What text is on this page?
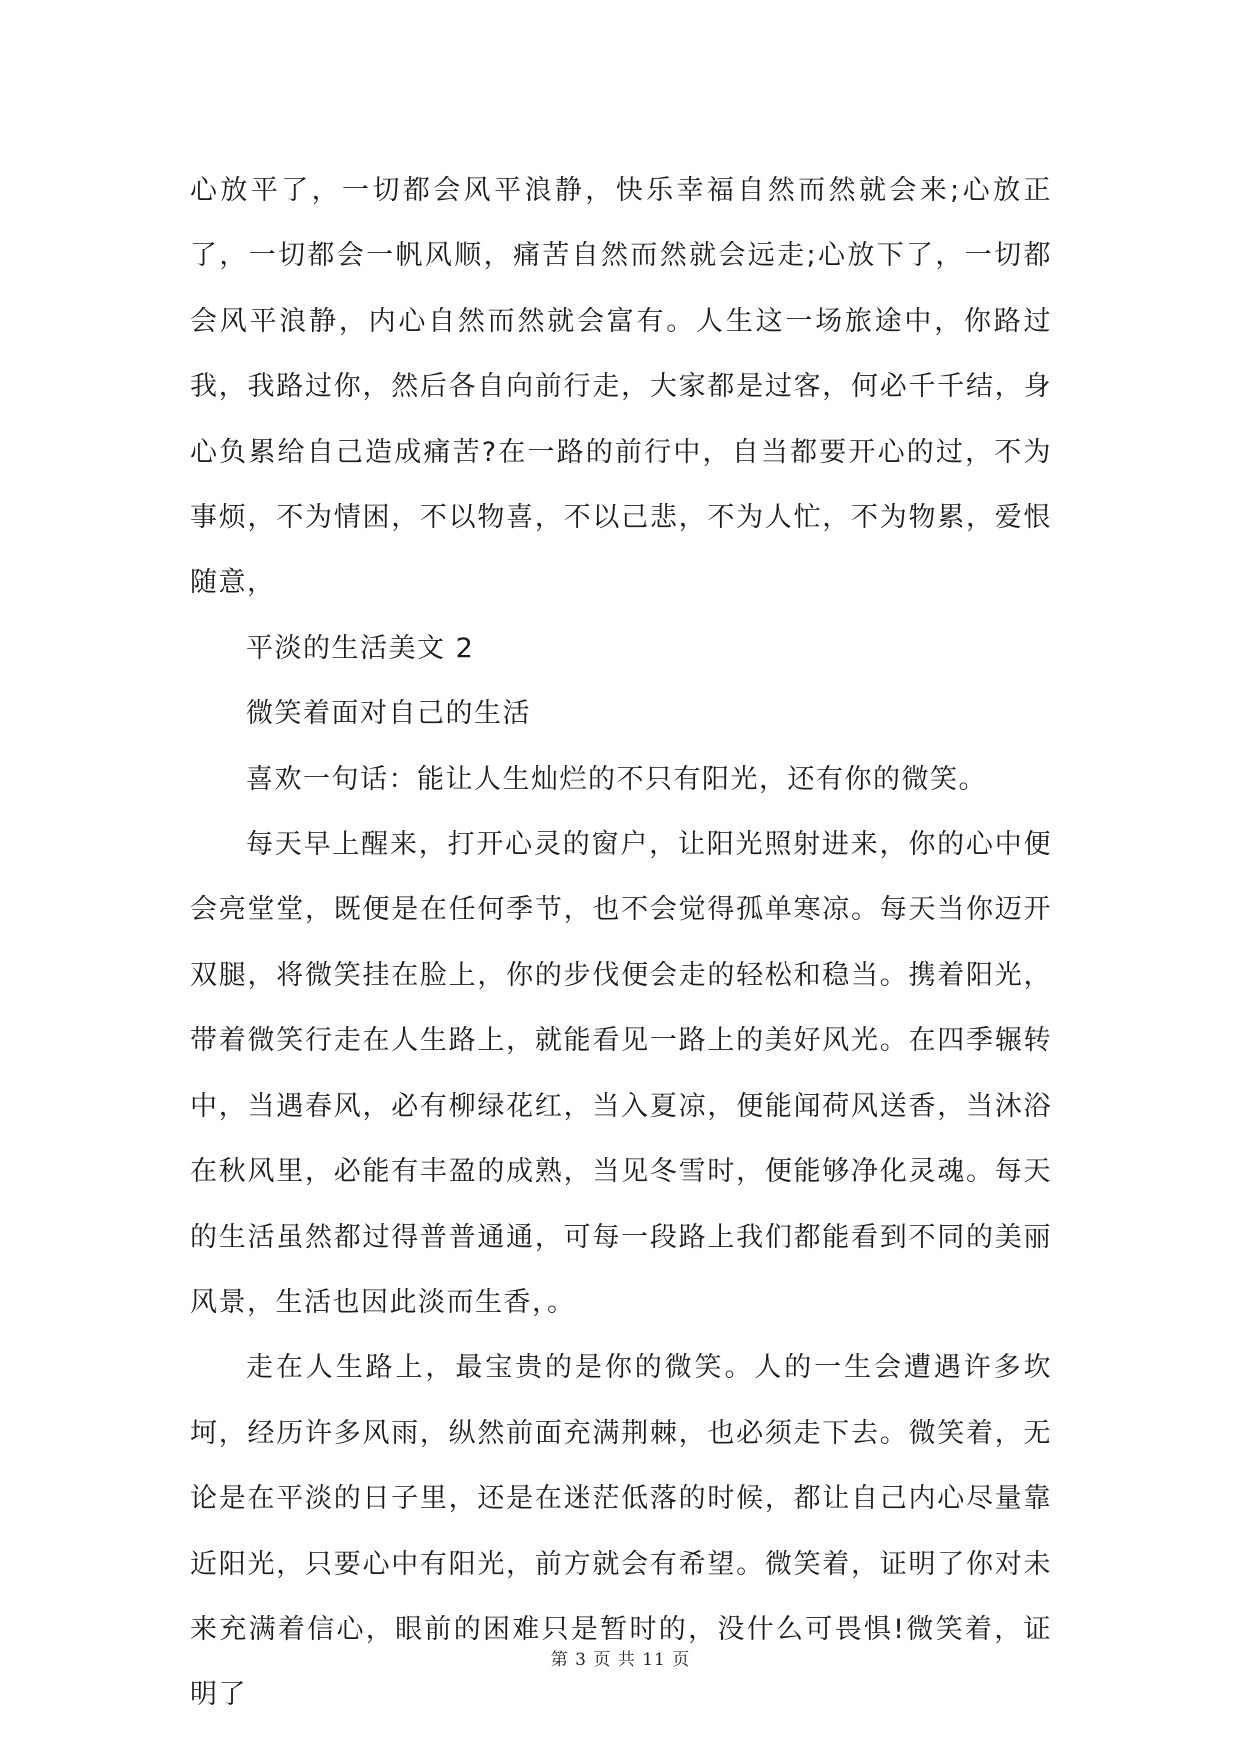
心放平了，一切都会风平浪静，快乐幸福自然而然就会来;心放正了，一切都会一帆风顺，痛苦自然而然就会远走;心放下了，一切都会风平浪静，内心自然而然就会富有。人生这一场旅途中，你路过我，我路过你，然后各自向前行走，大家都是过客，何必千千结，身心负累给自己造成痛苦?在一路的前行中，自当都要开心的过，不为事烦，不为情困，不以物喜，不以己悲，不为人忙，不为物累，爱恨随意，

平淡的生活美文 2

微笑着面对自己的生活

喜欢一句话：能让人生灿烂的不只有阳光，还有你的微笑。

每天早上醒来，打开心灵的窗户，让阳光照射进来，你的心中便会亮堂堂，既便是在任何季节，也不会觉得孤单寒凉。每天当你迈开双腿，将微笑挂在脸上，你的步伐便会走的轻松和稳当。携着阳光，带着微笑行走在人生路上，就能看见一路上的美好风光。在四季辗转中，当遇春风，必有柳绿花红，当入夏凉，便能闻荷风送香，当沐浴在秋风里，必能有丰盈的成熟，当见冬雪时，便能够净化灵魂。每天的生活虽然都过得普普通通，可每一段路上我们都能看到不同的美丽风景，生活也因此淡而生香，。

走在人生路上，最宝贵的是你的微笑。人的一生会遭遇许多坎坷，经历许多风雨，纵然前面充满荆棘，也必须走下去。微笑着，无论是在平淡的日子里，还是在迷茫低落的时候，都让自己内心尽量靠近阳光，只要心中有阳光，前方就会有希望。微笑着，证明了你对未来充满着信心，眼前的困难只是暂时的，没什么可畏惧!微笑着，证明了

第 3 页 共 11 页
